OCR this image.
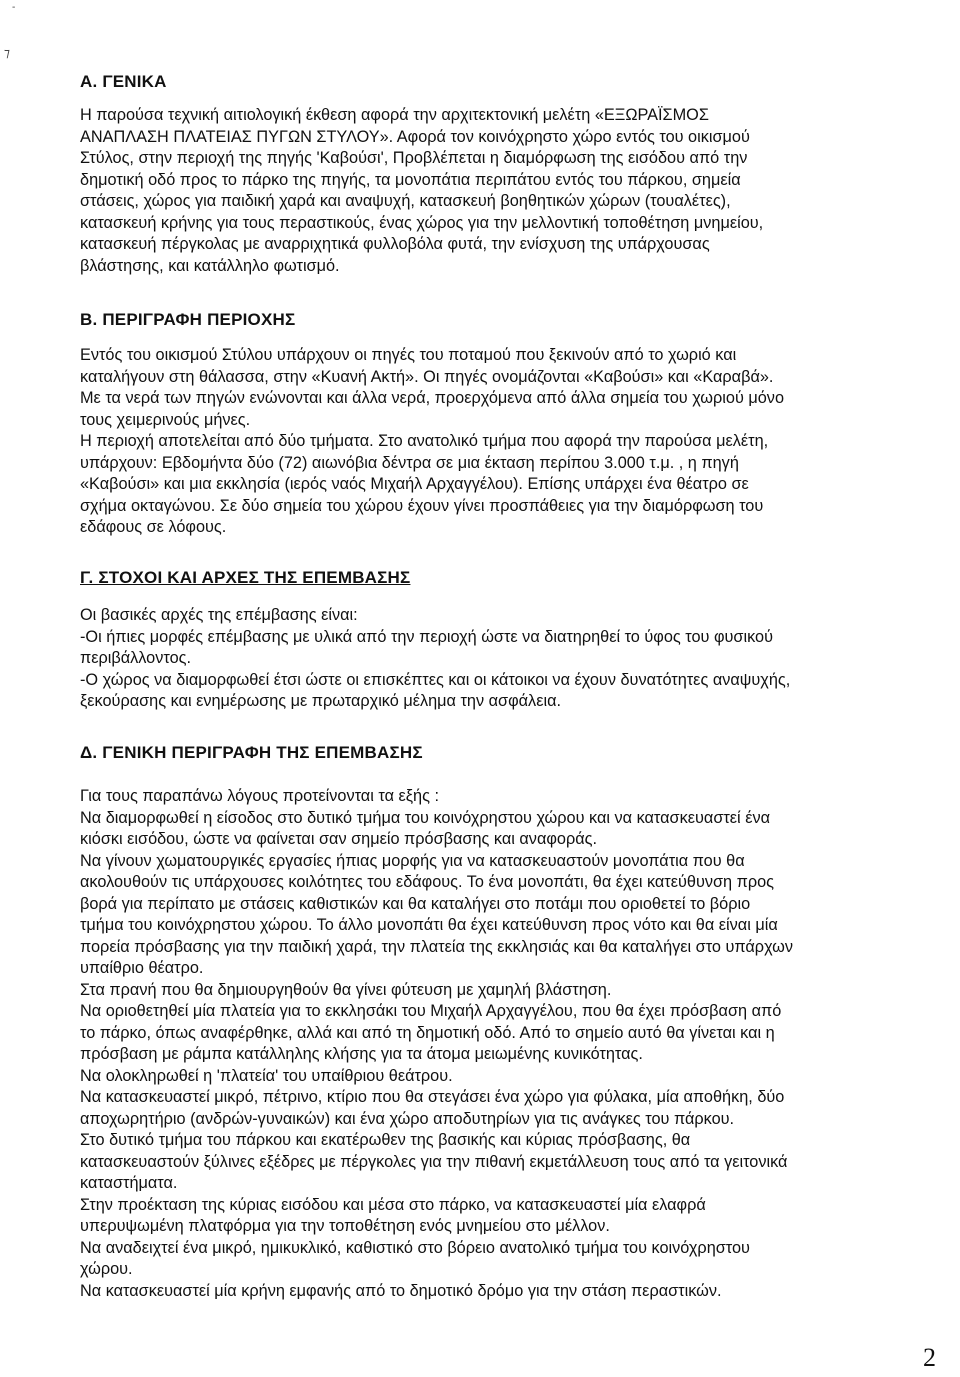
-
⁊
A. ΓΕΝΙΚΑ
Η παρούσα τεχνική αιτιολογική έκθεση αφορά την αρχιτεκτονική μελέτη «ΕΞΩΡΑΪΣΜΟΣ
ΑΝΑΠΛΑΣΗ ΠΛΑΤΕΙΑΣ ΠΥΓΩΝ ΣΤΥΛΟΥ». Αφορά τον κοινόχρηστο χώρο εντός του οικισμού
Στύλος, στην περιοχή της πηγής 'Καβούσι', Προβλέπεται η διαμόρφωση της εισόδου από την
δημοτική οδό προς το πάρκο της πηγής, τα μονοπάτια περιπάτου εντός του πάρκου, σημεία
στάσεις, χώρος για παιδική χαρά και αναψυχή, κατασκευή βοηθητικών χώρων (τουαλέτες),
κατασκευή κρήνης για τους περαστικούς, ένας χώρος για την μελλοντική τοποθέτηση μνημείου,
κατασκευή πέργκολας με αναρριχητικά φυλλοβόλα φυτά, την ενίσχυση της υπάρχουσας
βλάστησης, και κατάλληλο φωτισμό.
Β. ΠΕΡΙΓΡΑΦΗ ΠΕΡΙΟΧΗΣ
Εντός του οικισμού Στύλου υπάρχουν οι πηγές του ποταμού που ξεκινούν από το χωριό και
καταλήγουν στη θάλασσα, στην «Κυανή Ακτή». Οι πηγές ονομάζονται «Καβούσι» και «Καραβά».
Με τα νερά των πηγών ενώνονται και άλλα νερά, προερχόμενα από άλλα σημεία του χωριού μόνο
τους χειμερινούς μήνες.
Η περιοχή αποτελείται από δύο τμήματα. Στο ανατολικό τμήμα που αφορά την παρούσα μελέτη,
υπάρχουν: Εβδομήντα δύο (72) αιωνόβια δέντρα σε μια έκταση περίπου 3.000 τ.μ. , η πηγή
«Καβούσι» και μια εκκλησία (ιερός ναός Μιχαήλ Αρχαγγέλου). Επίσης υπάρχει ένα θέατρο σε
σχήμα οκταγώνου. Σε δύο σημεία του χώρου έχουν γίνει προσπάθειες για την διαμόρφωση του
εδάφους σε λόφους.
Γ. ΣΤΟΧΟΙ ΚΑΙ ΑΡΧΕΣ ΤΗΣ ΕΠΕΜΒΑΣΗΣ
Οι βασικές αρχές της επέμβασης είναι:
-Οι ήπιες μορφές επέμβασης με υλικά από την περιοχή ώστε να διατηρηθεί το ύφος του φυσικού
περιβάλλοντος.
-Ο χώρος να διαμορφωθεί έτσι ώστε οι επισκέπτες και οι κάτοικοι να έχουν δυνατότητες αναψυχής,
ξεκούρασης και ενημέρωσης με πρωταρχικό μέλημα την ασφάλεια.
Δ. ΓΕΝΙΚΗ ΠΕΡΙΓΡΑΦΗ ΤΗΣ ΕΠΕΜΒΑΣΗΣ
Για τους παραπάνω λόγους προτείνονται τα εξής :
Να διαμορφωθεί η είσοδος στο δυτικό τμήμα του κοινόχρηστου χώρου και να κατασκευαστεί ένα
κιόσκι εισόδου, ώστε να φαίνεται σαν σημείο πρόσβασης και αναφοράς.
Να γίνουν χωματουργικές εργασίες ήπιας μορφής για να κατασκευαστούν μονοπάτια που θα
ακολουθούν τις υπάρχουσες κοιλότητες του εδάφους. Το ένα μονοπάτι, θα έχει κατεύθυνση προς
βορά για περίπατο με στάσεις καθιστικών και θα καταλήγει στο ποτάμι που οριοθετεί το βόριο
τμήμα του κοινόχρηστου χώρου. Το άλλο μονοπάτι θα έχει κατεύθυνση προς νότο και θα είναι μία
πορεία πρόσβασης για την παιδική χαρά, την πλατεία της εκκλησιάς και θα καταλήγει στο υπάρχων
υπαίθριο θέατρο.
Στα πρανή που θα δημιουργηθούν θα γίνει φύτευση με χαμηλή βλάστηση.
Να οριοθετηθεί μία πλατεία για το εκκλησάκι του Μιχαήλ Αρχαγγέλου, που θα έχει πρόσβαση από
το πάρκο, όπως αναφέρθηκε, αλλά και από τη δημοτική οδό. Από το σημείο αυτό θα γίνεται και η
πρόσβαση με ράμπα κατάλληλης κλήσης για τα άτομα μειωμένης κυνικότητας.
Να ολοκληρωθεί η 'πλατεία' του υπαίθριου θεάτρου.
Να κατασκευαστεί μικρό, πέτρινο, κτίριο που θα στεγάσει ένα χώρο για φύλακα, μία αποθήκη, δύο
αποχωρητήριο (ανδρών-γυναικών) και ένα χώρο αποδυτηρίων για τις ανάγκες του πάρκου.
Στο δυτικό τμήμα του πάρκου και εκατέρωθεν της βασικής και κύριας πρόσβασης, θα
κατασκευαστούν ξύλινες εξέδρες με πέργκολες για την πιθανή εκμετάλλευση τους από τα γειτονικά
καταστήματα.
Στην προέκταση της κύριας εισόδου και μέσα στο πάρκο, να κατασκευαστεί μία ελαφρά
υπερυψωμένη πλατφόρμα για την τοποθέτηση ενός μνημείου στο μέλλον.
Να αναδειχτεί ένα μικρό, ημικυκλικό, καθιστικό στο βόρειο ανατολικό τμήμα του κοινόχρηστου
χώρου.
Να κατασκευαστεί μία κρήνη εμφανής από το δημοτικό δρόμο για την στάση περαστικών.
2
